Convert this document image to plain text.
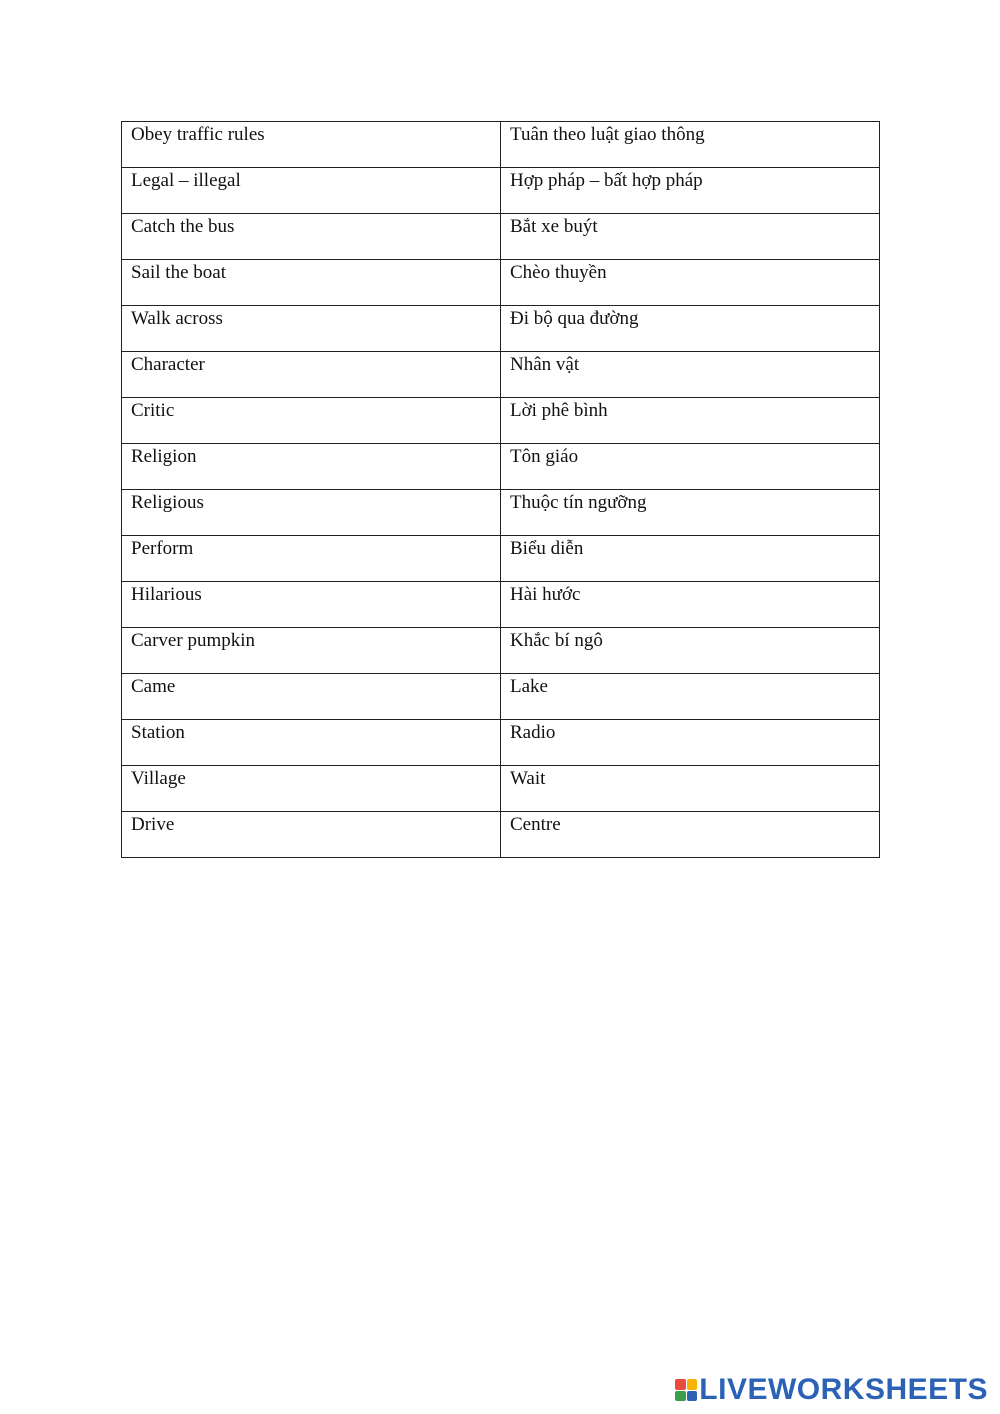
Obey traffic rules	Tuân theo luật giao thông
Legal – illegal	Hợp pháp – bất hợp pháp
Catch the bus	Bắt xe buýt
Sail the boat	Chèo thuyền
Walk across	Đi bộ qua đường
Character	Nhân vật
Critic	Lời phê bình
Religion	Tôn giáo
Religious	Thuộc tín ngưỡng
Perform	Biểu diễn
Hilarious	Hài hước
Carver pumpkin	Khắc bí ngô
Came	Lake
Station	Radio
Village	Wait
Drive	Centre
LIVEWORKSHEETS
